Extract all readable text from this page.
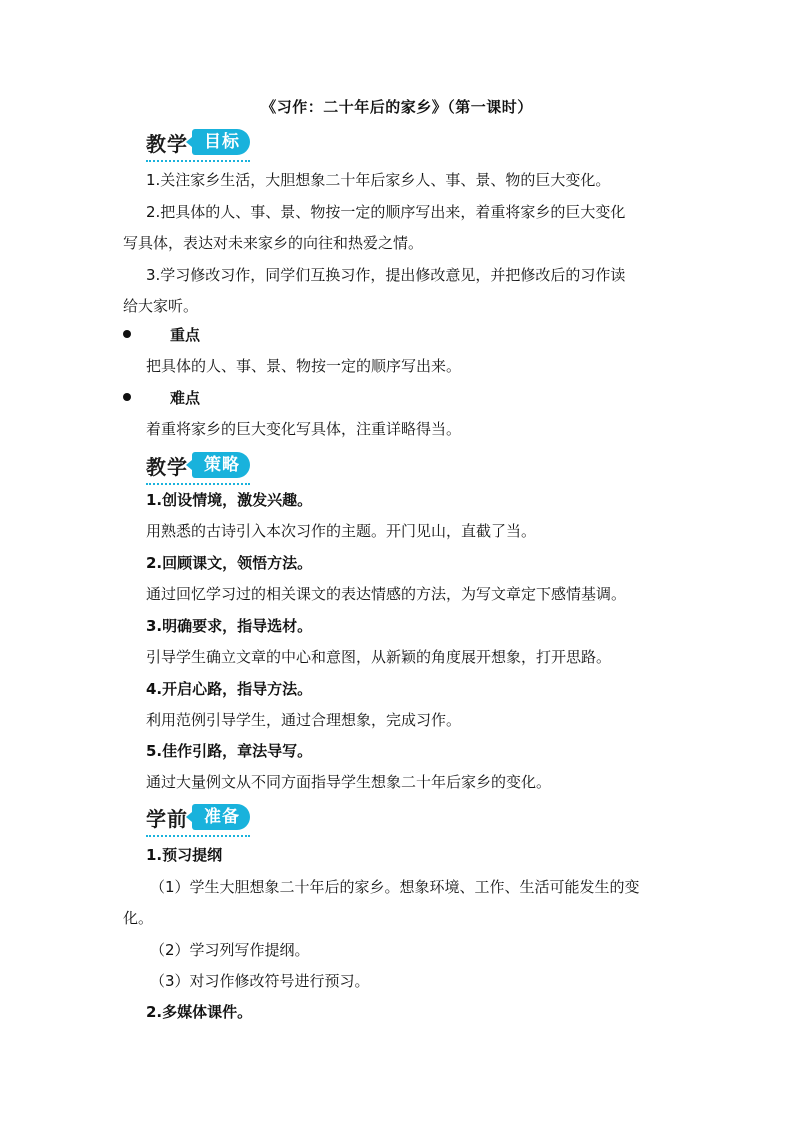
《习作：二十年后的家乡》（第一课时）
教学 目标
1.关注家乡生活，大胆想象二十年后家乡人、事、景、物的巨大变化。
2.把具体的人、事、景、物按一定的顺序写出来，着重将家乡的巨大变化
写具体，表达对未来家乡的向往和热爱之情。
3.学习修改习作，同学们互换习作，提出修改意见，并把修改后的习作读
给大家听。
重点
把具体的人、事、景、物按一定的顺序写出来。
难点
着重将家乡的巨大变化写具体，注重详略得当。
教学 策略
1.创设情境，激发兴趣。
用熟悉的古诗引入本次习作的主题。开门见山，直截了当。
2.回顾课文，领悟方法。
通过回忆学习过的相关课文的表达情感的方法，为写文章定下感情基调。
3.明确要求，指导选材。
引导学生确立文章的中心和意图，从新颖的角度展开想象，打开思路。
4.开启心路，指导方法。
利用范例引导学生，通过合理想象，完成习作。
5.佳作引路，章法导写。
通过大量例文从不同方面指导学生想象二十年后家乡的变化。
学前 准备
1.预习提纲
（1）学生大胆想象二十年后的家乡。想象环境、工作、生活可能发生的变
化。
（2）学习列写作提纲。
（3）对习作修改符号进行预习。
2.多媒体课件。
